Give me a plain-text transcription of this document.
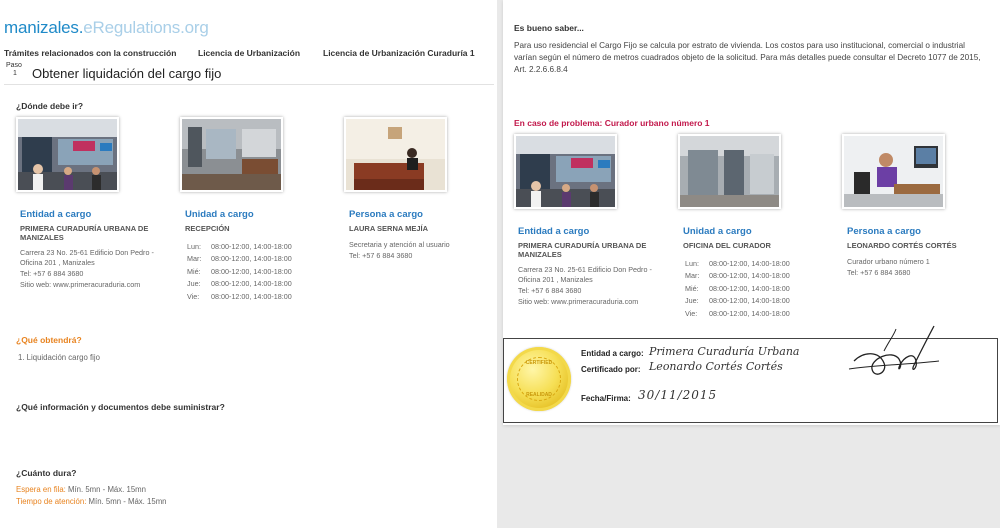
manizales.eRegulations.org
Trámites relacionados con la construcción	Licencia de Urbanización	Licencia de Urbanización Curaduría 1
Paso
1 Obtener liquidación del cargo fijo
¿Dónde debe ir?
Entidad a cargo
PRIMERA CURADURÍA URBANA DE MANIZALES
Carrera 23 No. 25-61 Edificio Don Pedro -
Oficina 201 , Manizales
Tel: +57 6 884 3680
Sitio web: www.primeracuraduria.com
Unidad a cargo
RECEPCIÓN
Lun:	08:00-12:00, 14:00-18:00
Mar:	08:00-12:00, 14:00-18:00
Mié:	08:00-12:00, 14:00-18:00
Jue:	08:00-12:00, 14:00-18:00
Vie:	08:00-12:00, 14:00-18:00
Persona a cargo
LAURA SERNA MEJÍA
Secretaria y atención al usuario
Tel: +57 6 884 3680
¿Qué obtendrá?
1. Liquidación cargo fijo
¿Qué información y documentos debe suministrar?
¿Cuánto dura?
Espera en fila: Mín. 5mn - Máx. 15mn
Tiempo de atención: Mín. 5mn - Máx. 15mn
Es bueno saber...
Para uso residencial el Cargo Fijo se calcula por estrato de vivienda. Los costos para uso institucional, comercial o industrial varían según el número de metros cuadrados objeto de la solicitud. Para más detalles puede consultar el Decreto 1077 de 2015, Art. 2.2.6.6.8.4
En caso de problema: Curador urbano número 1
Entidad a cargo
PRIMERA CURADURÍA URBANA DE MANIZALES
Carrera 23 No. 25-61 Edificio Don Pedro -
Oficina 201 , Manizales
Tel: +57 6 884 3680
Sitio web: www.primeracuraduria.com
Unidad a cargo
OFICINA DEL CURADOR
Lun:	08:00-12:00, 14:00-18:00
Mar:	08:00-12:00, 14:00-18:00
Mié:	08:00-12:00, 14:00-18:00
Jue:	08:00-12:00, 14:00-18:00
Vie:	08:00-12:00, 14:00-18:00
Persona a cargo
LEONARDO CORTÉS CORTÉS
Curador urbano número 1
Tel: +57 6 884 3680
CERTIFIED
REALIDAD
Entidad a cargo: Primera Curaduría Urbana
Certificado por: Leonardo Cortés Cortés
Fecha/Firma: 30/11/2015
